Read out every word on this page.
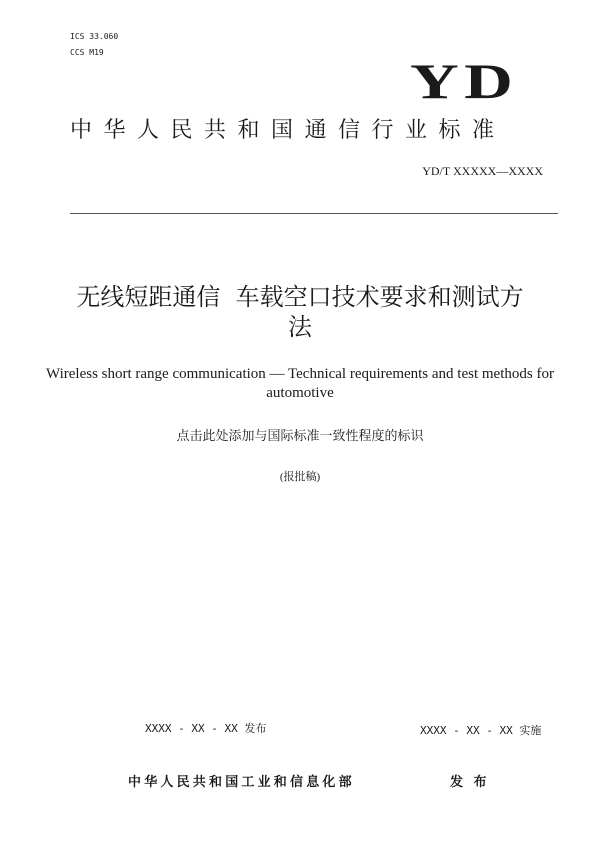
ICS 33.060
CCS M19
YD
中华人民共和国通信行业标准
YD/T XXXXX—XXXX
无线短距通信  车载空口技术要求和测试方
法
Wireless short range communication — Technical requirements and test methods for
automotive
点击此处添加与国际标准一致性程度的标识
(报批稿)
XXXX - XX - XX 发布	XXXX - XX - XX 实施
中华人民共和国工业和信息化部	发 布
